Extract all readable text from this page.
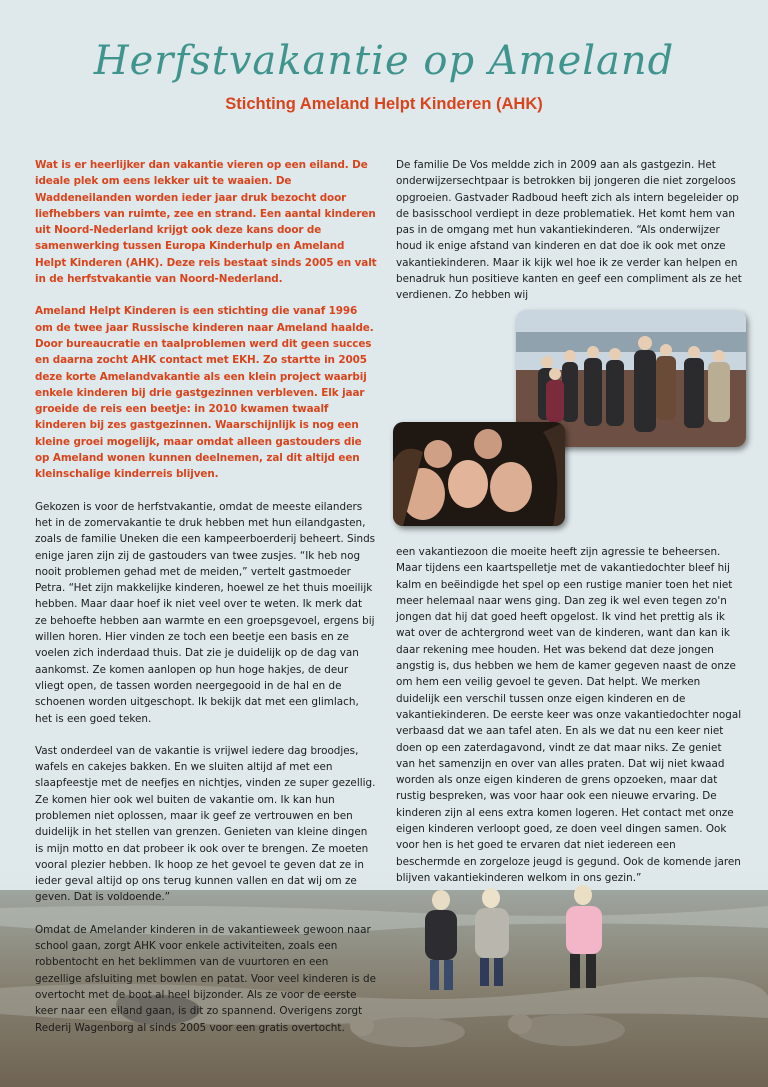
Herfstvakantie op Ameland
Stichting Ameland Helpt Kinderen (AHK)

Wat is er heerlijker dan vakantie vieren op een eiland. De ideale plek om eens lekker uit te waaien. De Waddeneilanden worden ieder jaar druk bezocht door liefhebbers van ruimte, zee en strand. Een aantal kinderen uit Noord-Nederland krijgt ook deze kans door de samenwerking tussen Europa Kinderhulp en Ameland Helpt Kinderen (AHK). Deze reis bestaat sinds 2005 en valt in de herfstvakantie van Noord-Nederland.

Ameland Helpt Kinderen is een stichting die vanaf 1996 om de twee jaar Russische kinderen naar Ameland haalde. Door bureaucratie en taalproblemen werd dit geen succes en daarna zocht AHK contact met EKH. Zo startte in 2005 deze korte Amelandvakantie als een klein project waarbij enkele kinderen bij drie gastgezinnen verbleven. Elk jaar groeide de reis een beetje: in 2010 kwamen twaalf kinderen bij zes gastgezinnen. Waarschijnlijk is nog een kleine groei mogelijk, maar omdat alleen gastouders die op Ameland wonen kunnen deelnemen, zal dit altijd een kleinschalige kinderreis blijven.

Gekozen is voor de herfstvakantie, omdat de meeste eilanders het in de zomervakantie te druk hebben met hun eilandgasten, zoals de familie Uneken die een kampeerboerderij beheert. Sinds enige jaren zijn zij de gastouders van twee zusjes. “Ik heb nog nooit problemen gehad met de meiden,” vertelt gastmoeder Petra. “Het zijn makkelijke kinderen, hoewel ze het thuis moeilijk hebben. Maar daar hoef ik niet veel over te weten. Ik merk dat ze behoefte hebben aan warmte en een groepsgevoel, ergens bij willen horen. Hier vinden ze toch een beetje een basis en ze voelen zich inderdaad thuis. Dat zie je duidelijk op de dag van aankomst. Ze komen aanlopen op hun hoge hakjes, de deur vliegt open, de tassen worden neergegooid in de hal en de schoenen worden uitgeschopt. Ik bekijk dat met een glimlach, het is een goed teken.

Vast onderdeel van de vakantie is vrijwel iedere dag broodjes, wafels en cakejes bakken. En we sluiten altijd af met een slaapfeestje met de neefjes en nichtjes, vinden ze super gezellig. Ze komen hier ook wel buiten de vakantie om. Ik kan hun problemen niet oplossen, maar ik geef ze vertrouwen en ben duidelijk in het stellen van grenzen. Genieten van kleine dingen is mijn motto en dat probeer ik ook over te brengen. Ze moeten vooral plezier hebben. Ik hoop ze het gevoel te geven dat ze in ieder geval altijd op ons terug kunnen vallen en dat wij om ze geven. Dat is voldoende.”

Omdat de Amelander kinderen in de vakantieweek gewoon naar school gaan, zorgt AHK voor enkele activiteiten, zoals een robbentocht en het beklimmen van de vuurtoren en een gezellige afsluiting met bowlen en patat. Voor veel kinderen is de overtocht met de boot al heel bijzonder. Als ze voor de eerste keer naar een eiland gaan, is dit zo spannend. Overigens zorgt Rederij Wagenborg al sinds 2005 voor een gratis overtocht.

De familie De Vos meldde zich in 2009 aan als gastgezin. Het onderwijzersechtpaar is betrokken bij jongeren die niet zorgeloos opgroeien. Gastvader Radboud heeft zich als intern begeleider op de basisschool verdiept in deze problematiek. Het komt hem van pas in de omgang met hun vakantiekinderen. “Als onderwijzer houd ik enige afstand van kinderen en dat doe ik ook met onze vakantiekinderen. Maar ik kijk wel hoe ik ze verder kan helpen en benadruk hun positieve kanten en geef een compliment als ze het verdienen. Zo hebben wij

een vakantiezoon die moeite heeft zijn agressie te beheersen. Maar tijdens een kaartspelletje met de vakantiedochter bleef hij kalm en beëindigde het spel op een rustige manier toen het niet meer helemaal naar wens ging. Dan zeg ik wel even tegen zo'n jongen dat hij dat goed heeft opgelost. Ik vind het prettig als ik wat over de achtergrond weet van de kinderen, want dan kan ik daar rekening mee houden. Het was bekend dat deze jongen angstig is, dus hebben we hem de kamer gegeven naast de onze om hem een veilig gevoel te geven. Dat helpt. We merken duidelijk een verschil tussen onze eigen kinderen en de vakantiekinderen. De eerste keer was onze vakantiedochter nogal verbaasd dat we aan tafel aten. En als we dat nu een keer niet doen op een zaterdagavond, vindt ze dat maar niks. Ze geniet van het samenzijn en over van alles praten. Dat wij niet kwaad worden als onze eigen kinderen de grens opzoeken, maar dat rustig bespreken, was voor haar ook een nieuwe ervaring. De kinderen zijn al eens extra komen logeren. Het contact met onze eigen kinderen verloopt goed, ze doen veel dingen samen. Ook voor hen is het goed te ervaren dat niet iedereen een beschermde en zorgeloze jeugd is gegund. Ook de komende jaren blijven vakantiekinderen welkom in ons gezin.”
